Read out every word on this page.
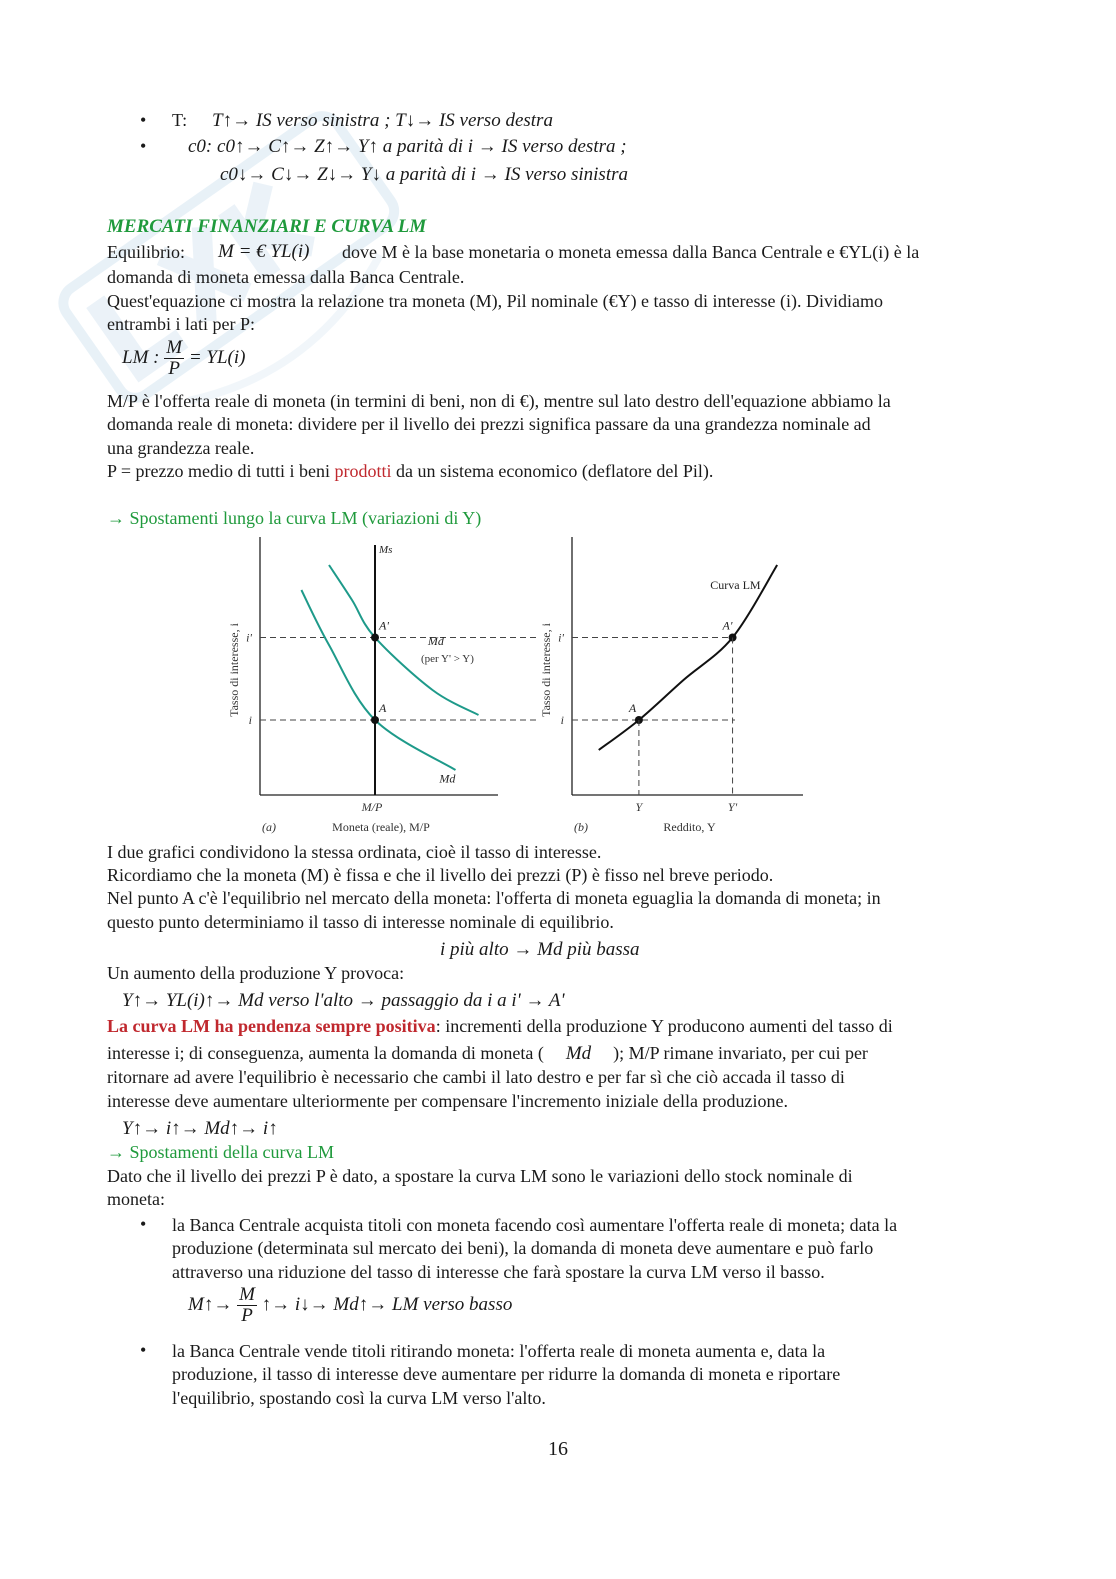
• T: T↑→ IS verso sinistra ; T↓→ IS verso destra
• c0: c0↑→ C↑→ Z↑→ Y↑ a parità di i → IS verso destra ;
c0↓→ C↓→ Z↓→ Y↓ a parità di i → IS verso sinistra
MERCATI FINANZIARI E CURVA LM
Equilibrio: M = € YL(i) dove M è la base monetaria o moneta emessa dalla Banca Centrale e €YL(i) è la
domanda di moneta emessa dalla Banca Centrale.
Quest'equazione ci mostra la relazione tra moneta (M), Pil nominale (€Y) e tasso di interesse (i). Dividiamo
entrambi i lati per P:
LM : $\frac{M}{P} = YL(i)$
M/P è l'offerta reale di moneta (in termini di beni, non di €), mentre sul lato destro dell'equazione abbiamo la
domanda reale di moneta: dividere per il livello dei prezzi significa passare da una grandezza nominale ad
una grandezza reale.
P = prezzo medio di tutti i beni prodotti da un sistema economico (deflatore del Pil).
→ Spostamenti lungo la curva LM (variazioni di Y)
Tasso di interesse, i
(a)	Moneta (reale), M/P
i'
i
A'
A
Ms
M/P
Md
(per Y' > Y)
Md
Tasso di interesse, i
(b)	Reddito, Y
i'
i
A
A'
Y	Y'
Curva LM
I due grafici condividono la stessa ordinata, cioè il tasso di interesse.
Ricordiamo che la moneta (M) è fissa e che il livello dei prezzi (P) è fisso nel breve periodo.
Nel punto A c'è l'equilibrio nel mercato della moneta: l'offerta di moneta eguaglia la domanda di moneta; in
questo punto determiniamo il tasso di interesse nominale di equilibrio.
i più alto → Md più bassa
Un aumento della produzione Y provoca:
Y↑→ YL(i)↑→ Md verso l'alto → passaggio da i a i' → A'
La curva LM ha pendenza sempre positiva: incrementi della produzione Y producono aumenti del tasso di
interesse i; di conseguenza, aumenta la domanda di moneta ( Md ); M/P rimane invariato, per cui per
ritornare ad avere l'equilibrio è necessario che cambi il lato destro e per far sì che ciò accada il tasso di
interesse deve aumentare ulteriormente per compensare l'incremento iniziale della produzione.
Y↑→ i↑→ Md↑→ i↑
→ Spostamenti della curva LM
Dato che il livello dei prezzi P è dato, a spostare la curva LM sono le variazioni dello stock nominale di
moneta:
• la Banca Centrale acquista titoli con moneta facendo così aumentare l'offerta reale di moneta; data la
produzione (determinata sul mercato dei beni), la domanda di moneta deve aumentare e può farlo
attraverso una riduzione del tasso di interesse che farà spostare la curva LM verso il basso.
M↑→ $\frac{M}{P}$ ↑→ i↓→ Md↑→ LM verso basso
• la Banca Centrale vende titoli ritirando moneta: l'offerta reale di moneta aumenta e, data la
produzione, il tasso di interesse deve aumentare per ridurre la domanda di moneta e riportare
l'equilibrio, spostando così la curva LM verso l'alto.
16
